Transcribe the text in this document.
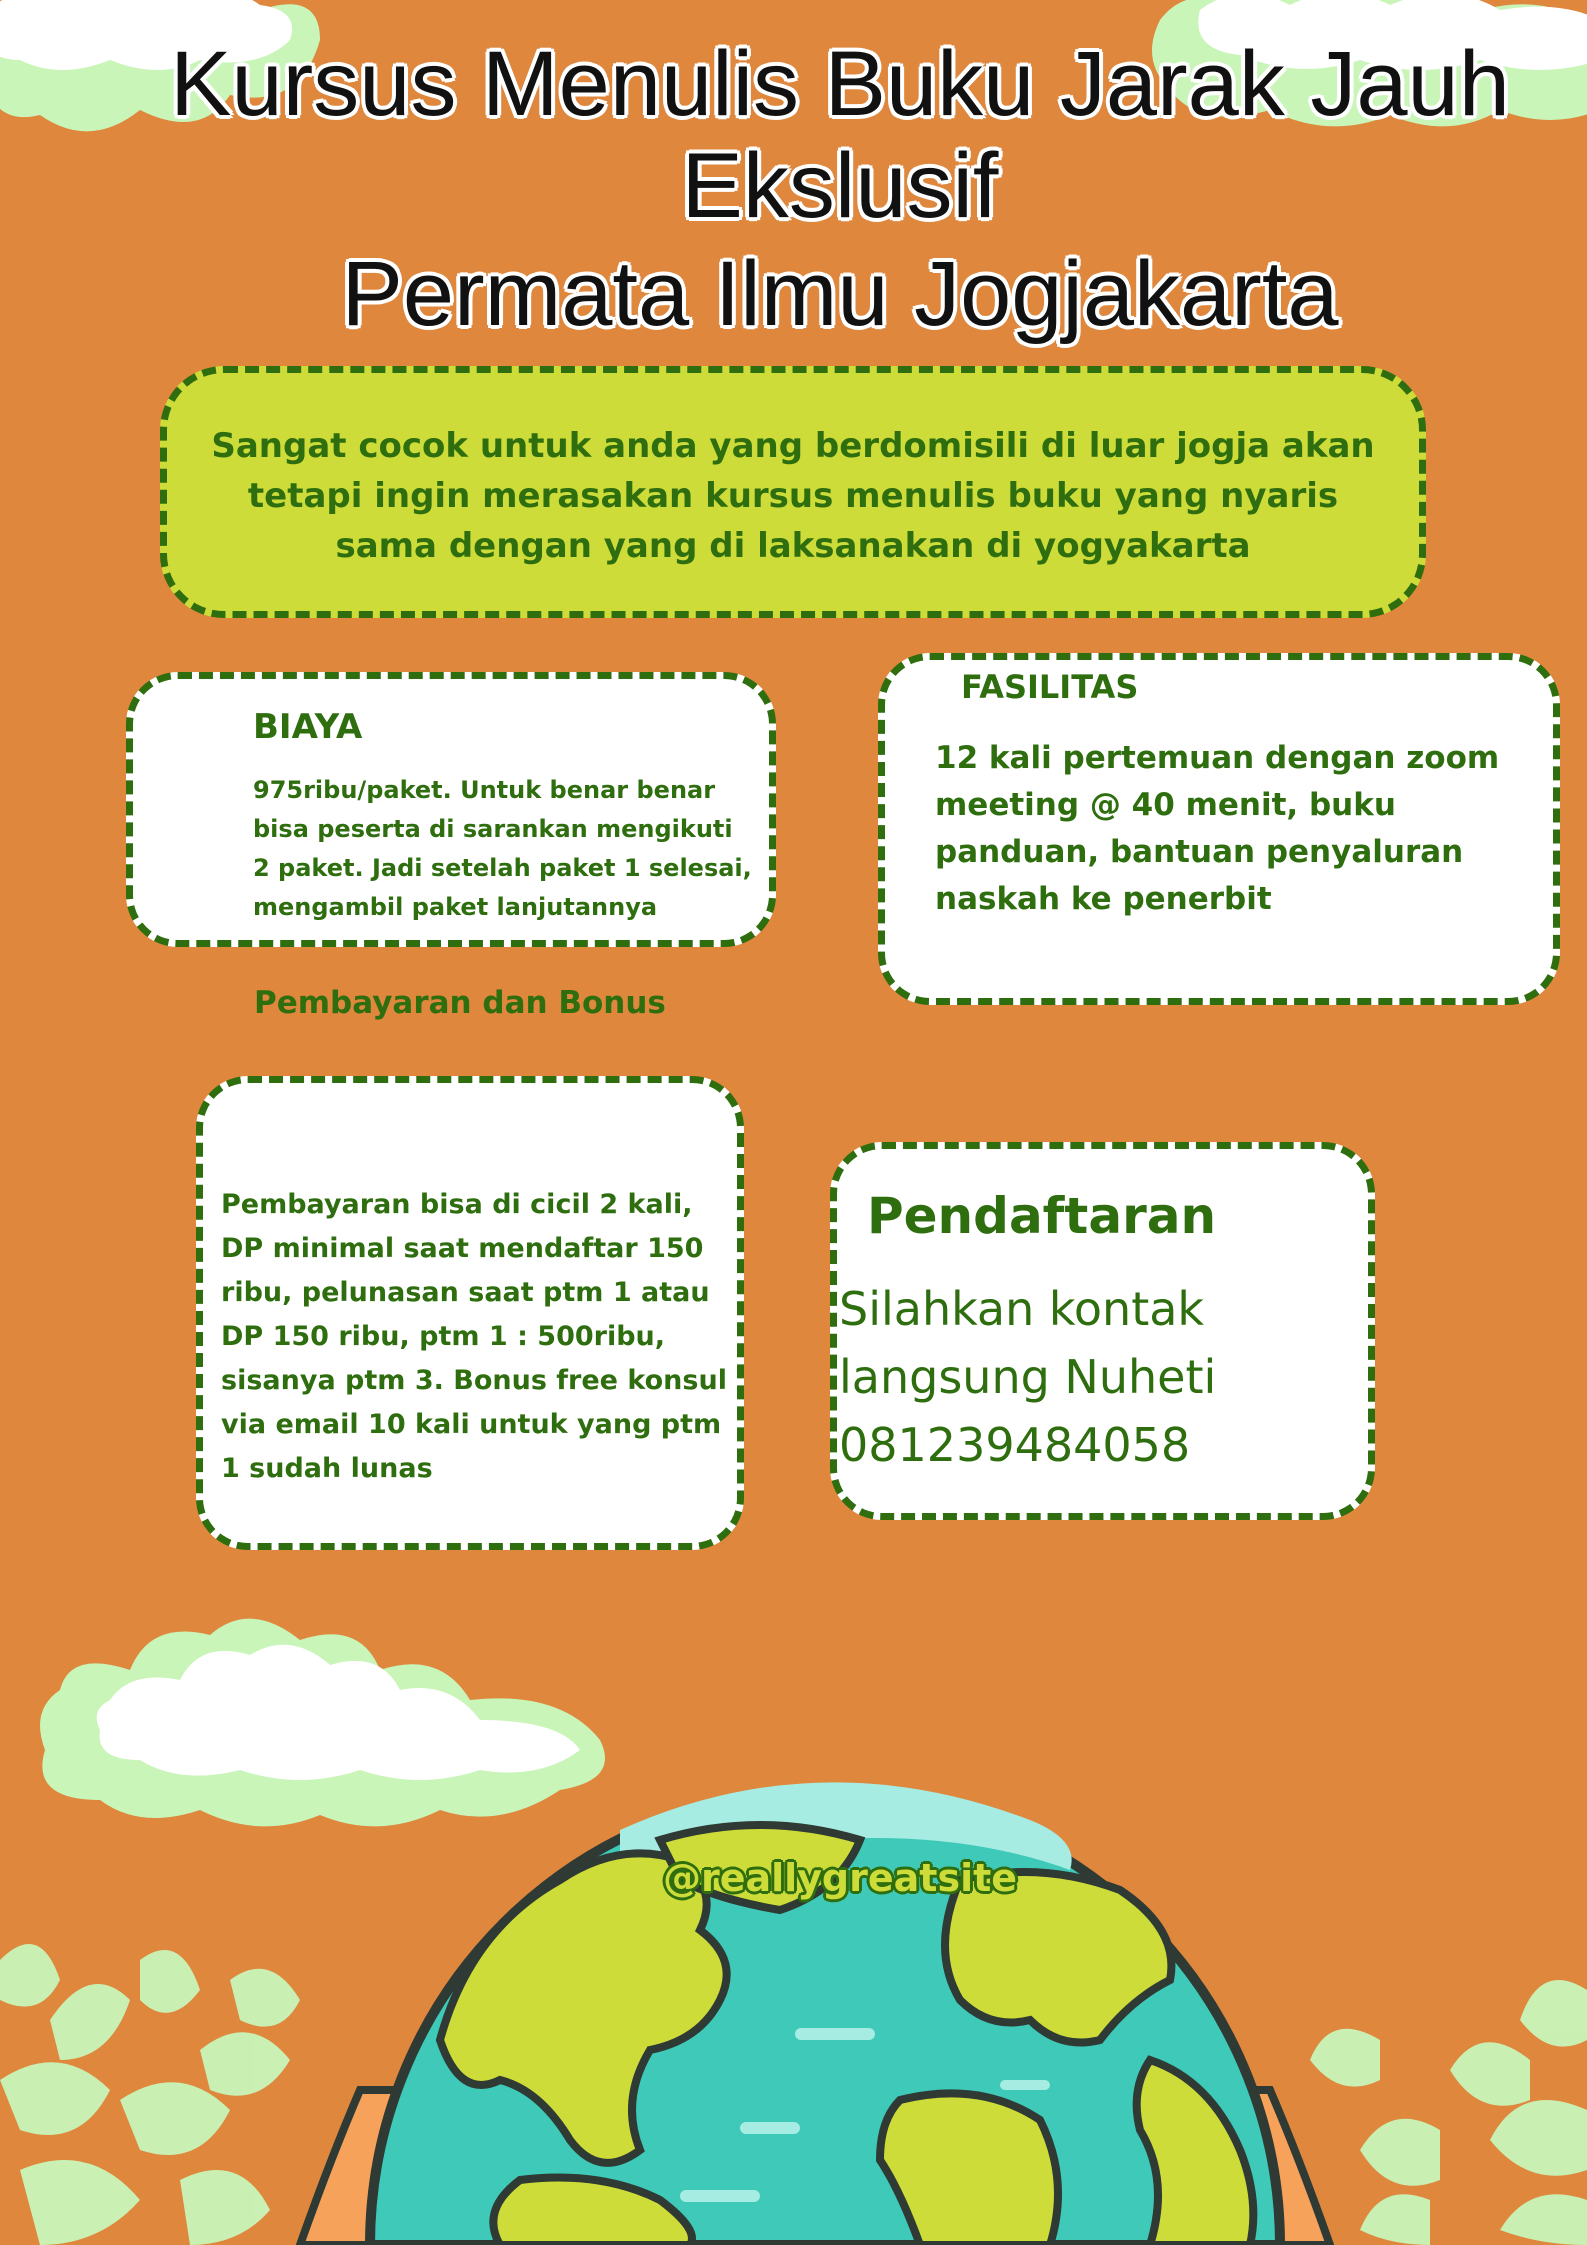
Kursus Menulis Buku Jarak Jauh
Ekslusif
Permata Ilmu Jogjakarta

Sangat cocok untuk anda yang berdomisili di luar jogja akan tetapi ingin merasakan kursus menulis buku yang nyaris sama dengan yang di laksanakan di yogyakarta

BIAYA
975ribu/paket. Untuk benar benar bisa peserta di sarankan mengikuti 2 paket. Jadi setelah paket 1 selesai, mengambil paket lanjutannya
FASILITAS
12 kali pertemuan dengan zoom meeting @ 40 menit, buku panduan, bantuan penyaluran naskah ke penerbit
Pembayaran dan Bonus
Pembayaran bisa di cicil 2 kali, DP minimal saat mendaftar 150 ribu, pelunasan saat ptm 1 atau DP 150 ribu, ptm 1 : 500ribu, sisanya ptm 3. Bonus free konsul via email 10 kali untuk yang ptm 1 sudah lunas
Pendaftaran
Silahkan kontak langsung Nuheti 081239484058
@reallygreatsite
